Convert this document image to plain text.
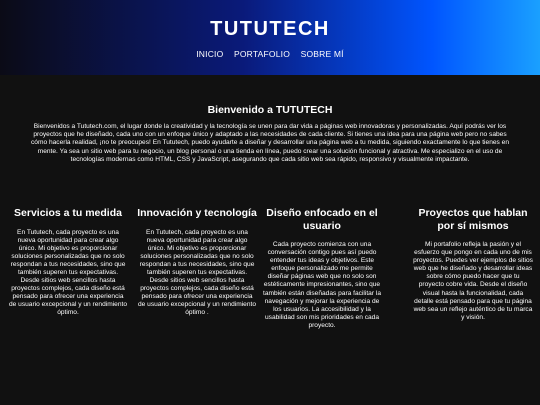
TUTUTECH
INICIO PORTAFOLIO SOBRE MÍ
Bienvenido a TUTUTECH
Bienvenidos a Tututech.com, el lugar donde la creatividad y la tecnología se unen para dar vida a páginas web innovadoras y personalizadas. Aquí podrás ver los proyectos que he diseñado, cada uno con un enfoque único y adaptado a las necesidades de cada cliente. Si tienes una idea para una página web pero no sabes cómo hacerla realidad, ¡no te preocupes! En Tututech, puedo ayudarte a diseñar y desarrollar una página web a tu medida, siguiendo exactamente lo que tienes en mente. Ya sea un sitio web para tu negocio, un blog personal o una tienda en línea, puedo crear una solución funcional y atractiva. Me especializo en el uso de tecnologías modernas como HTML, CSS y JavaScript, asegurando que cada sitio web sea rápido, responsivo y visualmente impactante.
Servicios a tu medida

En Tututech, cada proyecto es una nueva oportunidad para crear algo único. Mi objetivo es proporcionar soluciones personalizadas que no solo respondan a tus necesidades, sino que también superen tus expectativas. Desde sitios web sencillos hasta proyectos complejos, cada diseño está pensado para ofrecer una experiencia de usuario excepcional y un rendimiento óptimo.

Innovación y tecnología

En Tututech, cada proyecto es una nueva oportunidad para crear algo único. Mi objetivo es proporcionar soluciones personalizadas que no solo respondan a tus necesidades, sino que también superen tus expectativas. Desde sitios web sencillos hasta proyectos complejos, cada diseño está pensado para ofrecer una experiencia de usuario excepcional y un rendimiento óptimo .

Diseño enfocado en el usuario

Cada proyecto comienza con una conversación contigo pues así puedo entender tus ideas y objetivos. Este enfoque personalizado me permite diseñar páginas web que no solo son estéticamente impresionantes, sino que también están diseñadas para facilitar la navegación y mejorar la experiencia de los usuarios. La accesibilidad y la usabilidad son mis prioridades en cada proyecto.

Proyectos que hablan por sí mismos

Mi portafolio refleja la pasión y el esfuerzo que pongo en cada uno de mis proyectos. Puedes ver ejemplos de sitios web que he diseñado y desarrollar ideas sobre cómo puedo hacer que tu proyecto cobre vida. Desde el diseño visual hasta la funcionalidad, cada detalle está pensado para que tu página web sea un reflejo auténtico de tu marca y visión.
